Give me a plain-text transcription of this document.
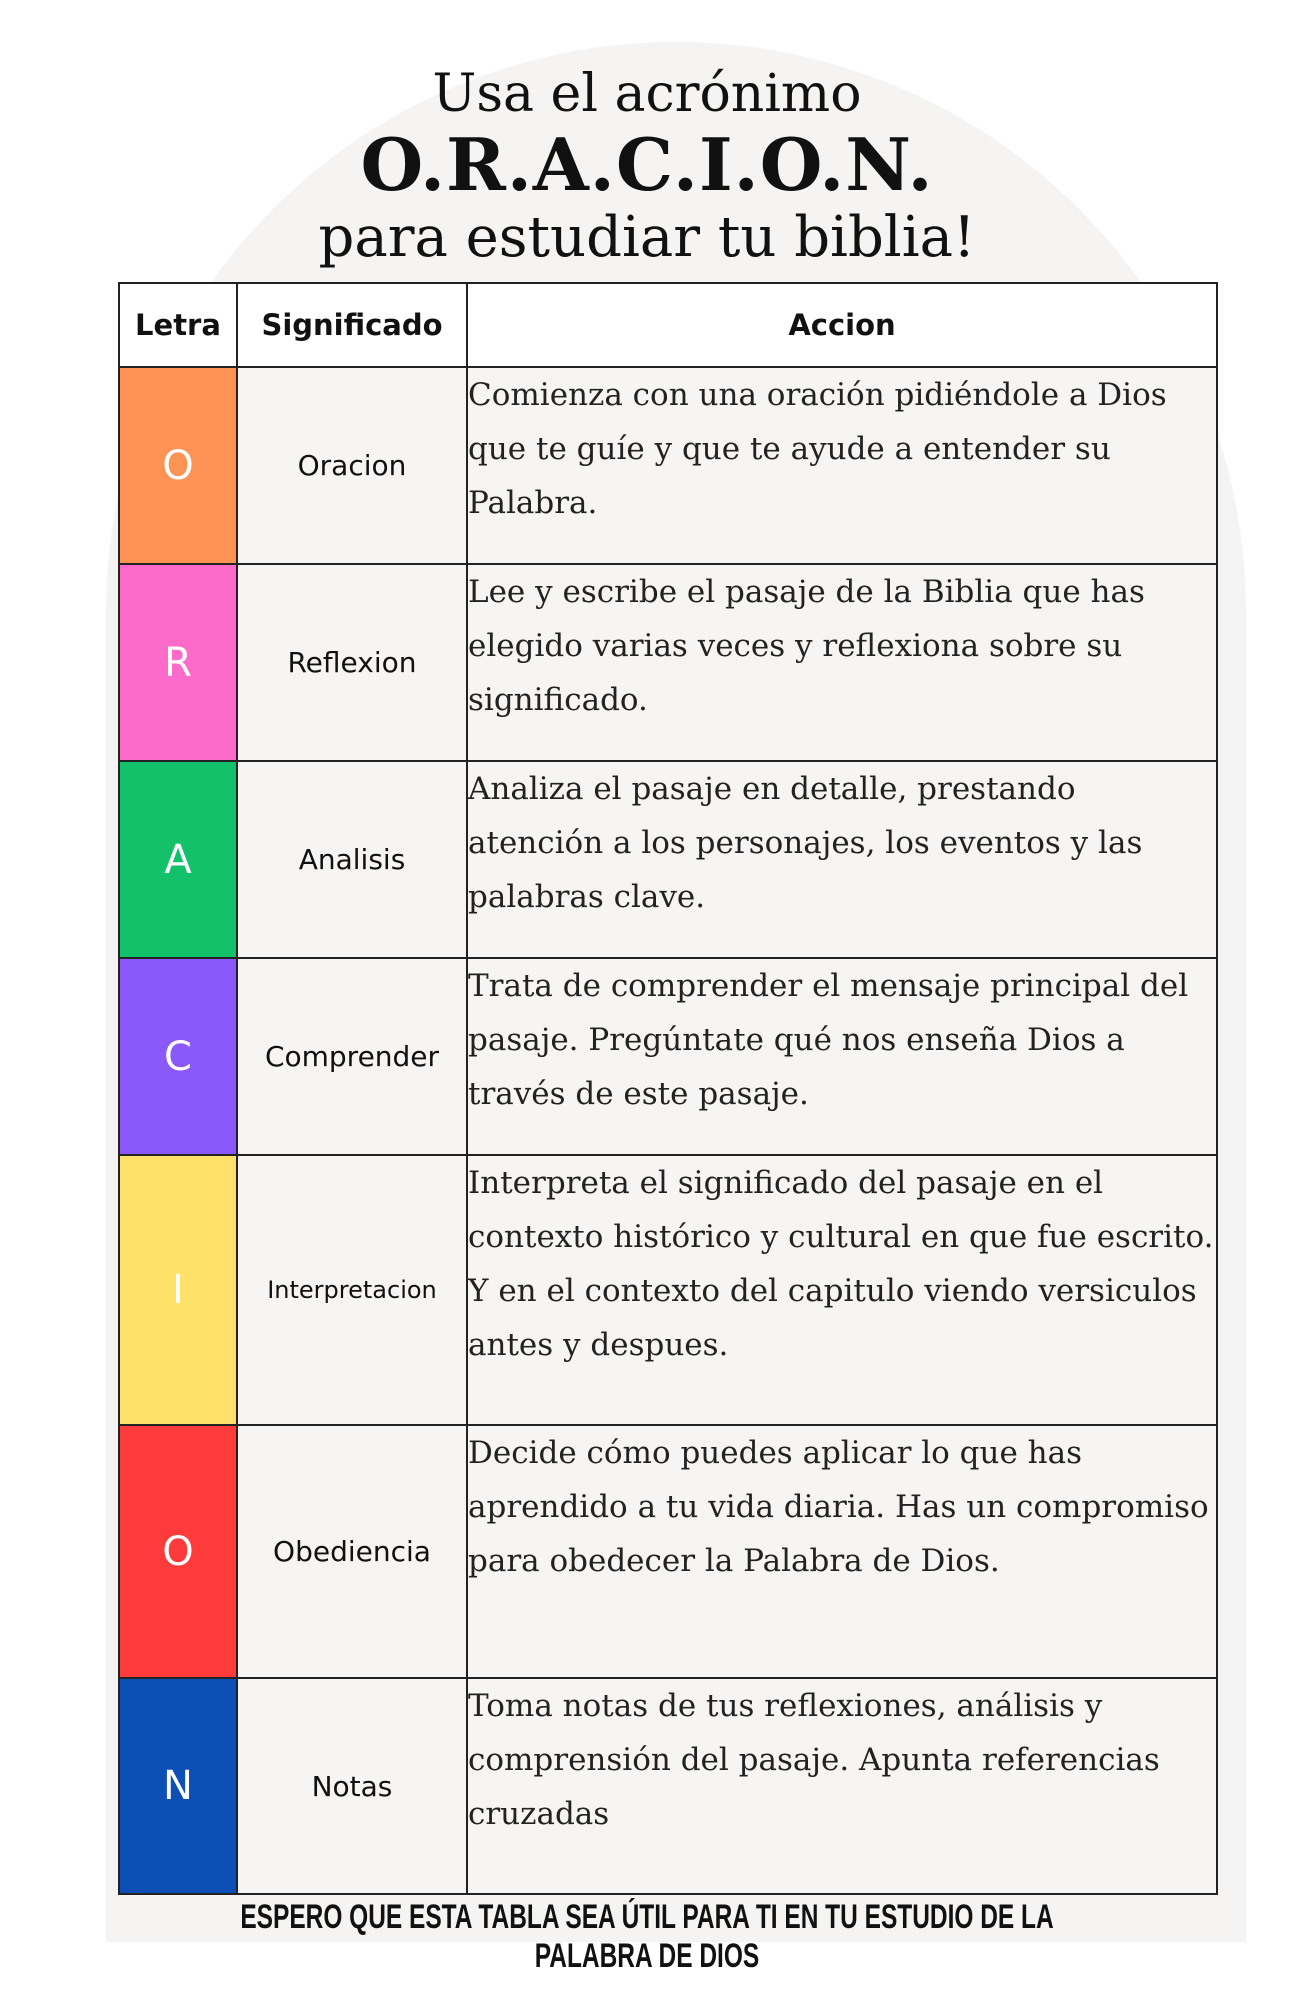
Usa el acrónimo
O.R.A.C.I.O.N.
para estudiar tu biblia!
Letra	Significado	Accion
O	Oracion	Comienza con una oración pidiéndole a Dios que te guíe y que te ayude a entender su Palabra.
R	Reflexion	Lee y escribe el pasaje de la Biblia que has elegido varias veces y reflexiona sobre su significado.
A	Analisis	Analiza el pasaje en detalle, prestando atención a los personajes, los eventos y las palabras clave.
C	Comprender	Trata de comprender el mensaje principal del pasaje. Pregúntate qué nos enseña Dios a través de este pasaje.
I	Interpretacion	Interpreta el significado del pasaje en el contexto histórico y cultural en que fue escrito. Y en el contexto del capitulo viendo versiculos antes y despues.
O	Obediencia	Decide cómo puedes aplicar lo que has aprendido a tu vida diaria. Has un compromiso para obedecer la Palabra de Dios.
N	Notas	Toma notas de tus reflexiones, análisis y comprensión del pasaje. Apunta referencias cruzadas
ESPERO QUE ESTA TABLA SEA ÚTIL PARA TI EN TU ESTUDIO DE LA PALABRA DE DIOS
